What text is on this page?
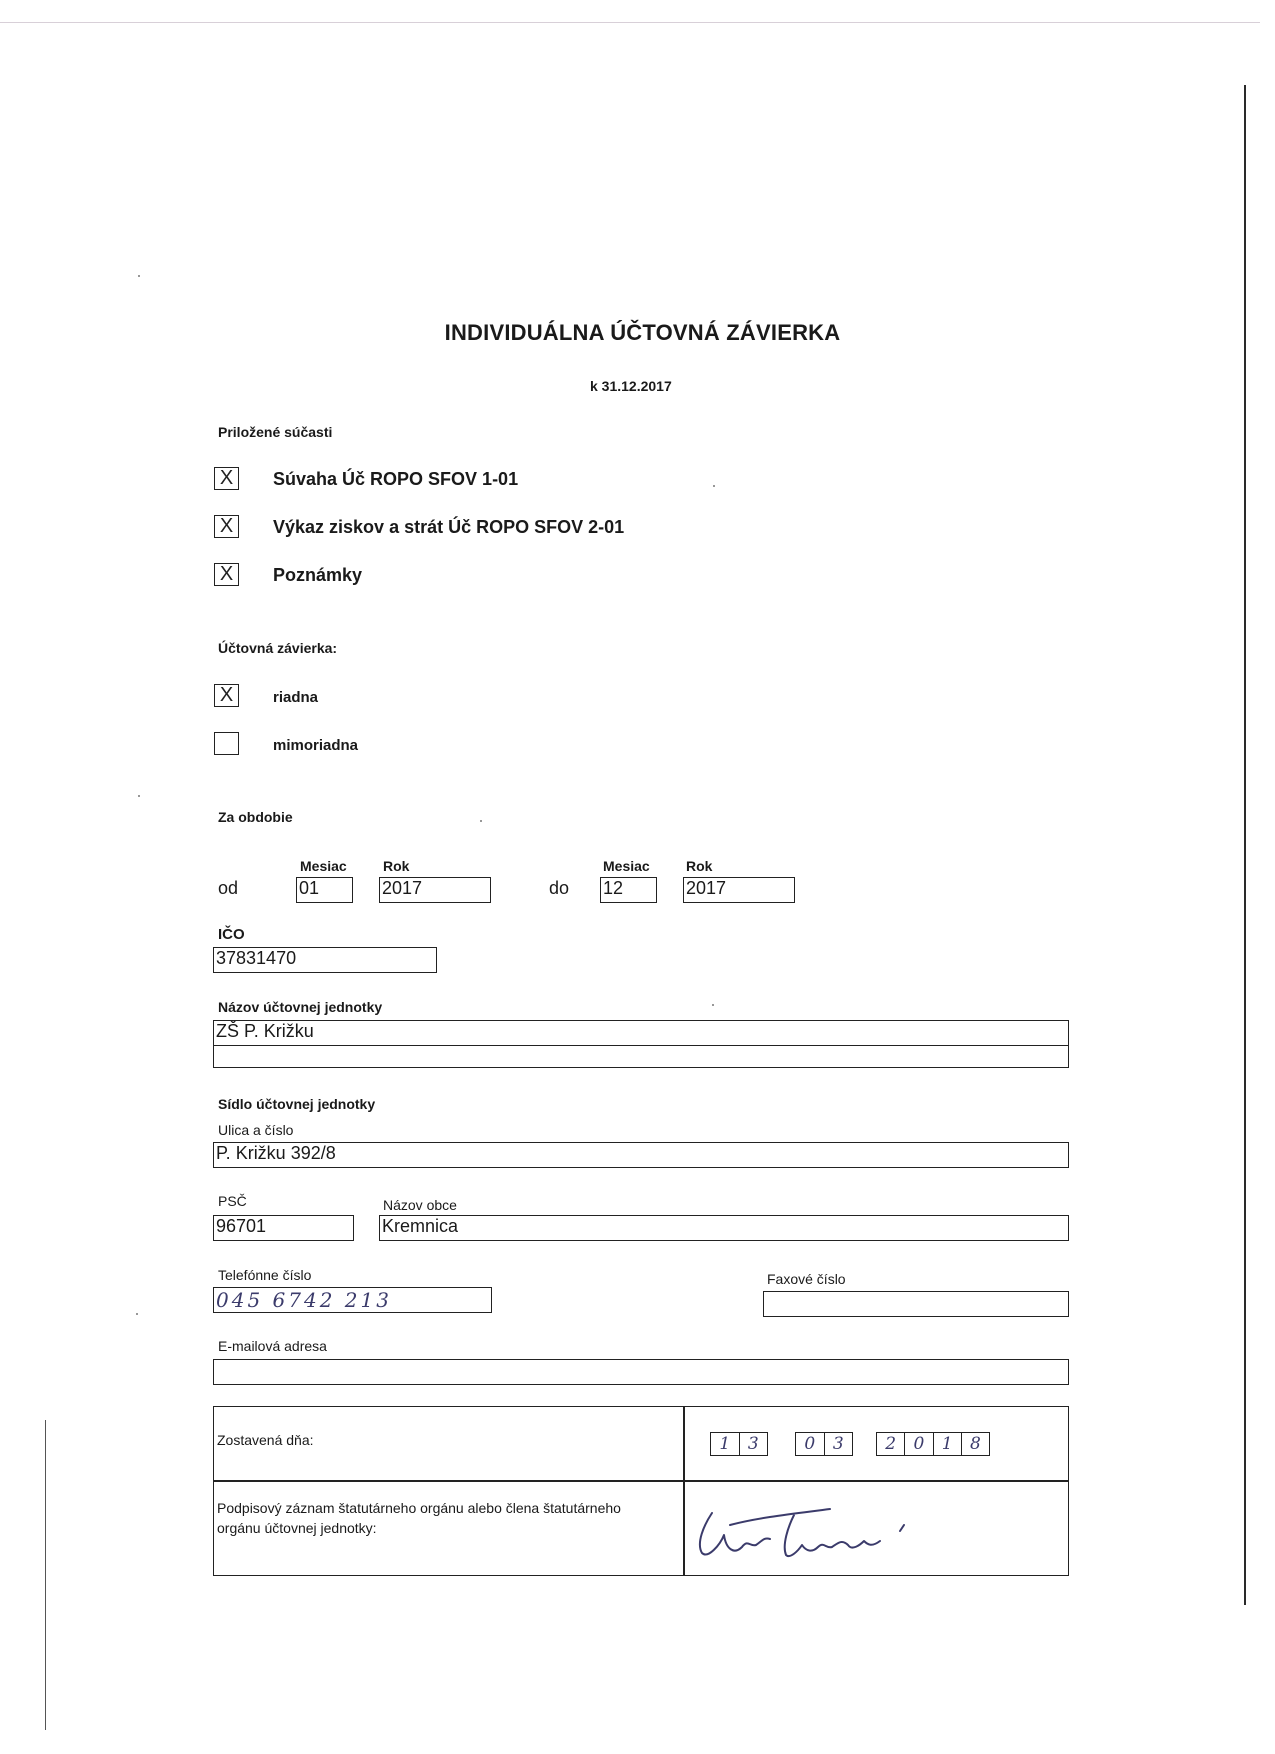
INDIVIDUÁLNA ÚČTOVNÁ ZÁVIERKA
k 31.12.2017
Priložené súčasti
X	Súvaha Úč ROPO SFOV 1-01
X	Výkaz ziskov a strát Úč ROPO SFOV 2-01
X	Poznámky
Účtovná závierka:
X	riadna
mimoriadna
Za obdobie
Mesiac	Rok
od	01	2017
Mesiac	Rok
do 12	2017
IČO
37831470
Názov účtovnej jednotky
ZŠ P. Križku
Sídlo účtovnej jednotky
Ulica a číslo
P. Križku 392/8
PSČ	Názov obce
96701	Kremnica
Telefónne číslo
045 6742 213
Faxové číslo
E-mailová adresa
Zostavená dňa:	1	3	0	3	2	0	1	8
Podpisový záznam štatutárneho orgánu alebo člena štatutárneho
orgánu účtovnej jednotky:
